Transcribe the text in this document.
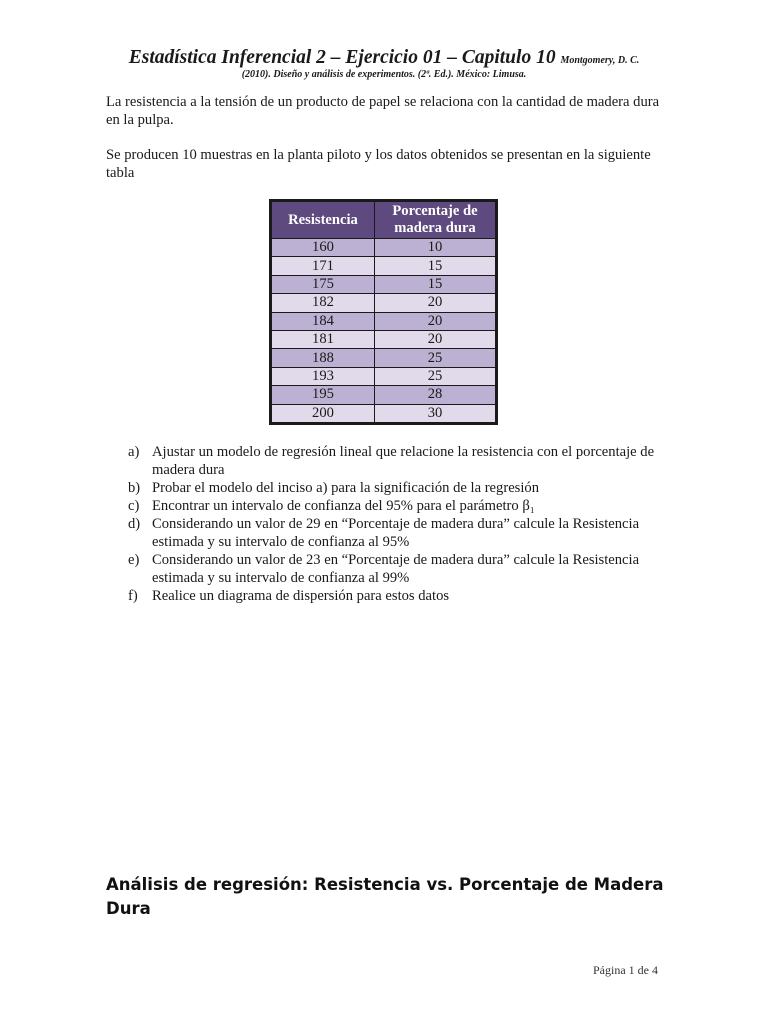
Estadística Inferencial 2 – Ejercicio 01 – Capitulo 10 Montgomery, D. C.
(2010). Diseño y análisis de experimentos. (2ª. Ed.). México: Limusa.
La resistencia a la tensión de un producto de papel se relaciona con la cantidad de madera dura en la pulpa.
Se producen 10 muestras en la planta piloto y los datos obtenidos se presentan en la siguiente tabla
Resistencia	Porcentaje de madera dura
160	10
171	15
175	15
182	20
184	20
181	20
188	25
193	25
195	28
200	30
a) Ajustar un modelo de regresión lineal que relacione la resistencia con el porcentaje de madera dura
b) Probar el modelo del inciso a) para la significación de la regresión
c) Encontrar un intervalo de confianza del 95% para el parámetro β₁
d) Considerando un valor de 29 en “Porcentaje de madera dura” calcule la Resistencia estimada y su intervalo de confianza al 95%
e) Considerando un valor de 23 en “Porcentaje de madera dura” calcule la Resistencia estimada y su intervalo de confianza al 99%
f) Realice un diagrama de dispersión para estos datos
Análisis de regresión: Resistencia vs. Porcentaje de Madera Dura
Página 1 de 4
